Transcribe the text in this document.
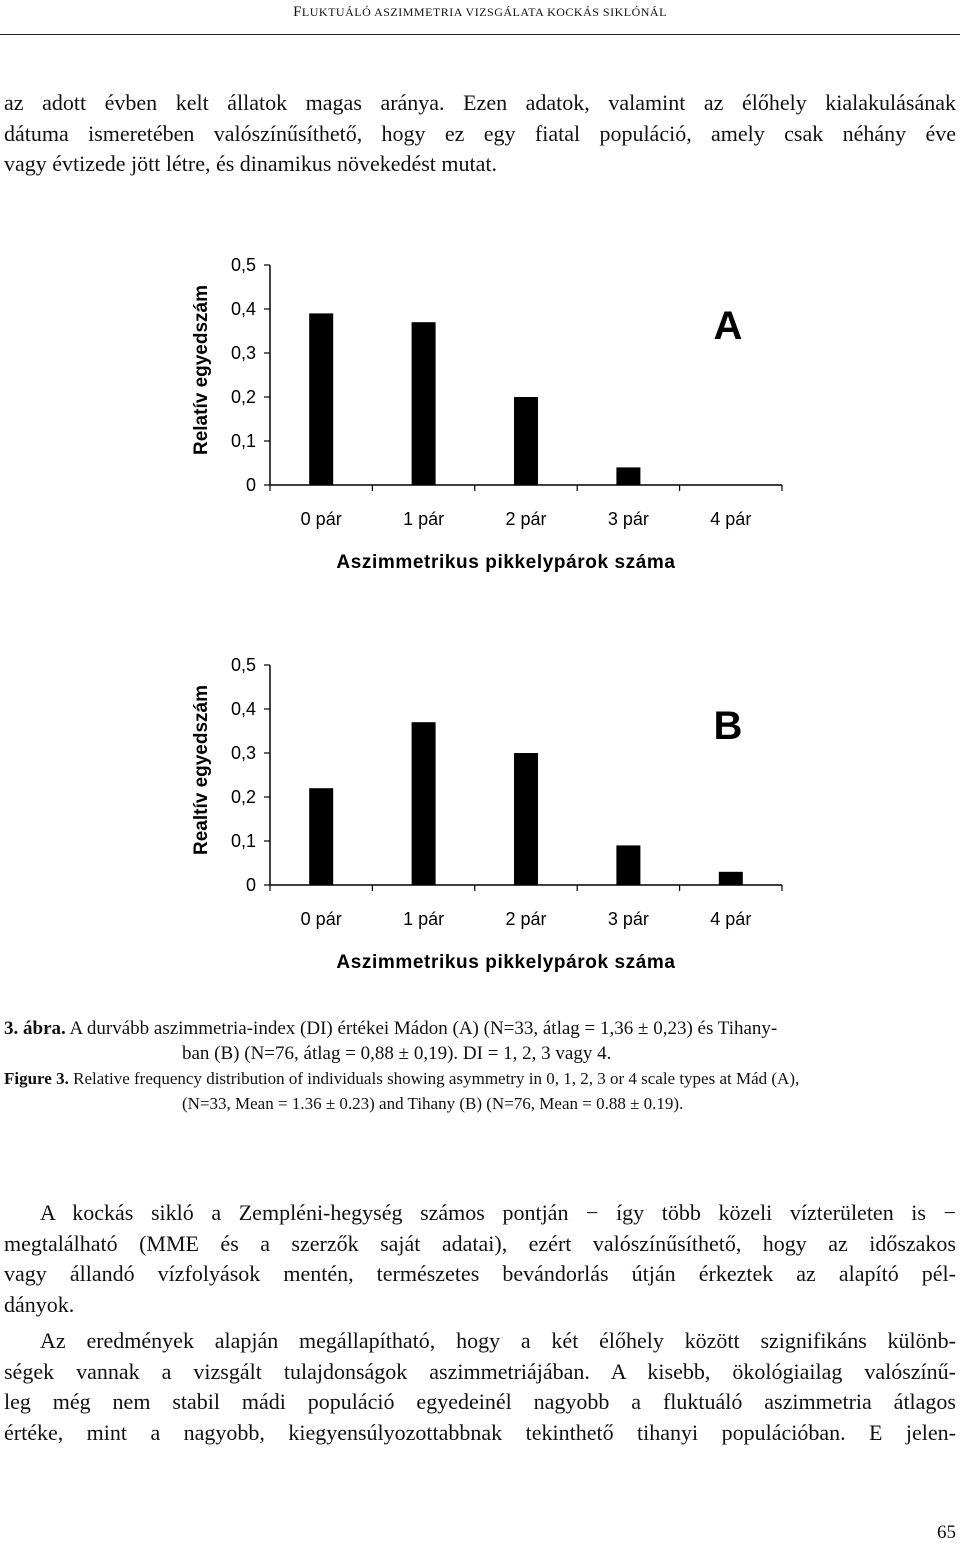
FLUKTUÁLÓ ASZIMMETRIA VIZSGÁLATA KOCKÁS SIKLÓNÁL
az adott évben kelt állatok magas aránya. Ezen adatok, valamint az élőhely kialakulásának
dátuma ismeretében valószínűsíthető, hogy ez egy fiatal populáció, amely csak néhány éve
vagy évtizede jött létre, és dinamikus növekedést mutat.
0
0,1
0,2
0,3
0,4
0,5
0 pár	1 pár	2 pár	3 pár	4 pár
Aszimmetrikus pikkelypárok száma
Relatív egyedszám	A
0
0,1
0,2
0,3
0,4
0,5
0 pár	1 pár	2 pár	3 pár	4 pár
Aszimmetrikus pikkelypárok száma
Realtív egyedszám	B
3. ábra. A durvább aszimmetria-index (DI) értékei Mádon (A) (N=33, átlag = 1,36 ± 0,23) és Tihany-
ban (B) (N=76, átlag = 0,88 ± 0,19). DI = 1, 2, 3 vagy 4.
Figure 3. Relative frequency distribution of individuals showing asymmetry in 0, 1, 2, 3 or 4 scale types at Mád (A),
(N=33, Mean = 1.36 ± 0.23) and Tihany (B) (N=76, Mean = 0.88 ± 0.19).
A kockás sikló a Zempléni-hegység számos pontján − így több közeli vízterületen is −
megtalálható (MME és a szerzők saját adatai), ezért valószínűsíthető, hogy az időszakos
vagy állandó vízfolyások mentén, természetes bevándorlás útján érkeztek az alapító pél-
dányok.
Az eredmények alapján megállapítható, hogy a két élőhely között szignifikáns különb-
ségek vannak a vizsgált tulajdonságok aszimmetriájában. A kisebb, ökológiailag valószínű-
leg még nem stabil mádi populáció egyedeinél nagyobb a fluktuáló aszimmetria átlagos
értéke, mint a nagyobb, kiegyensúlyozottabbnak tekinthető tihanyi populációban. E jelen-
65
